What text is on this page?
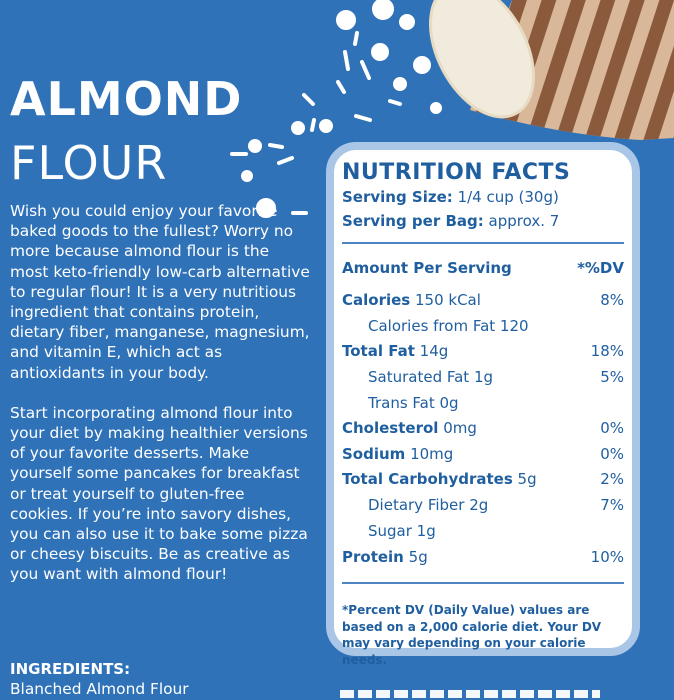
ALMOND
FLOUR

Wish you could enjoy your favorite baked goods to the fullest? Worry no more because almond flour is the most keto-friendly low-carb alternative to regular flour! It is a very nutritious ingredient that contains protein, dietary fiber, manganese, magnesium, and vitamin E, which act as antioxidants in your body.

Start incorporating almond flour into your diet by making healthier versions of your favorite desserts. Make yourself some pancakes for breakfast or treat yourself to gluten-free cookies. If you’re into savory dishes, you can also use it to bake some pizza or cheesy biscuits. Be as creative as you want with almond flour!

INGREDIENTS:

Blanched Almond Flour

NUTRITION FACTS
Serving Size: 1/4 cup (30g)
Serving per Bag: approx. 7
Amount Per Serving	*%DV
Calories 150 kCal	8%
Calories from Fat 120
Total Fat 14g	18%
Saturated Fat 1g	5%
Trans Fat 0g
Cholesterol 0mg	0%
Sodium 10mg	0%
Total Carbohydrates 5g	2%
Dietary Fiber 2g	7%
Sugar 1g
Protein 5g	10%

*Percent DV (Daily Value) values are based on a 2,000 calorie diet. Your DV may vary depending on your calorie needs.
